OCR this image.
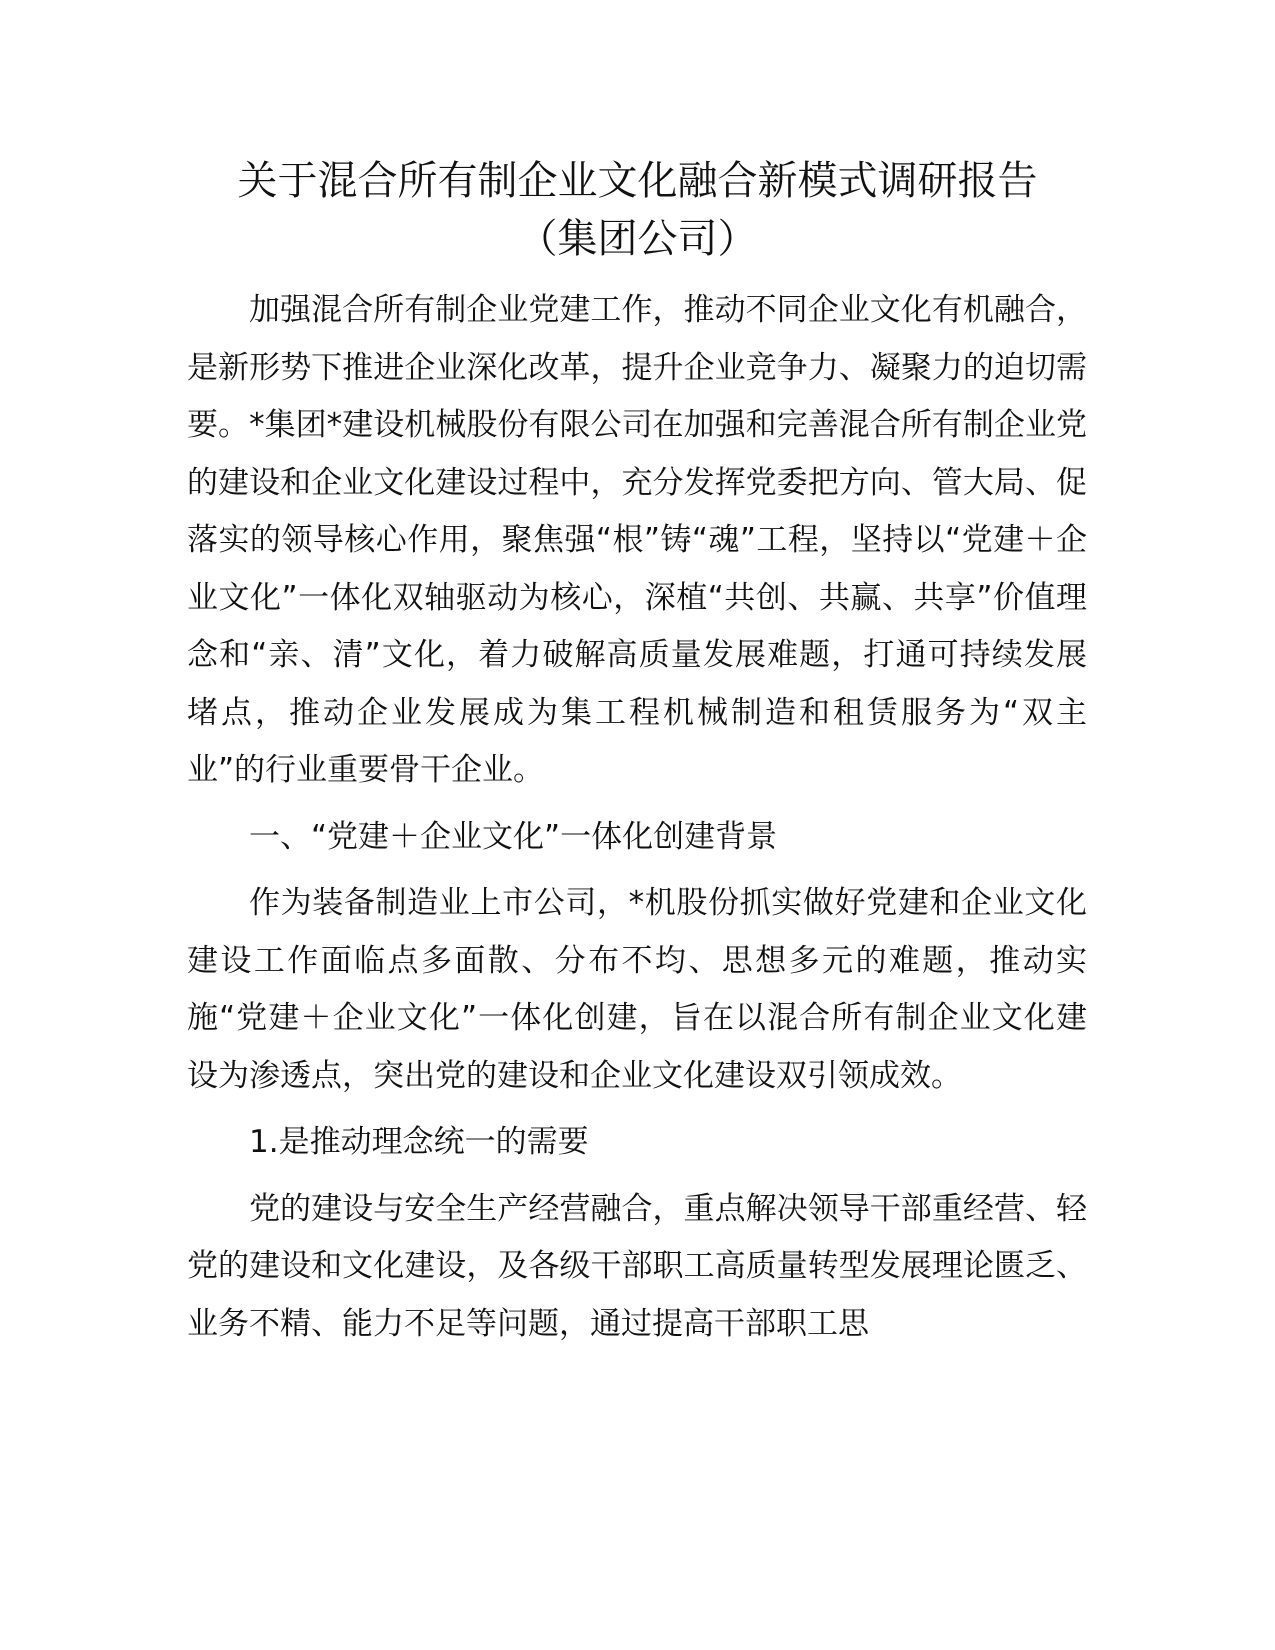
关于混合所有制企业文化融合新模式调研报告
（集团公司）

加强混合所有制企业党建工作，推动不同企业文化有机融合，是新形势下推进企业深化改革，提升企业竞争力、凝聚力的迫切需要。*集团*建设机械股份有限公司在加强和完善混合所有制企业党的建设和企业文化建设过程中，充分发挥党委把方向、管大局、促落实的领导核心作用，聚焦强“根”铸“魂”工程，坚持以“党建＋企业文化”一体化双轴驱动为核心，深植“共创、共赢、共享”价值理念和“亲、清”文化，着力破解高质量发展难题，打通可持续发展堵点，推动企业发展成为集工程机械制造和租赁服务为“双主业”的行业重要骨干企业。

一、“党建＋企业文化”一体化创建背景

作为装备制造业上市公司，*机股份抓实做好党建和企业文化建设工作面临点多面散、分布不均、思想多元的难题，推动实施“党建＋企业文化”一体化创建，旨在以混合所有制企业文化建设为渗透点，突出党的建设和企业文化建设双引领成效。

1.是推动理念统一的需要

党的建设与安全生产经营融合，重点解决领导干部重经营、轻党的建设和文化建设，及各级干部职工高质量转型发展理论匮乏、业务不精、能力不足等问题，通过提高干部职工思
